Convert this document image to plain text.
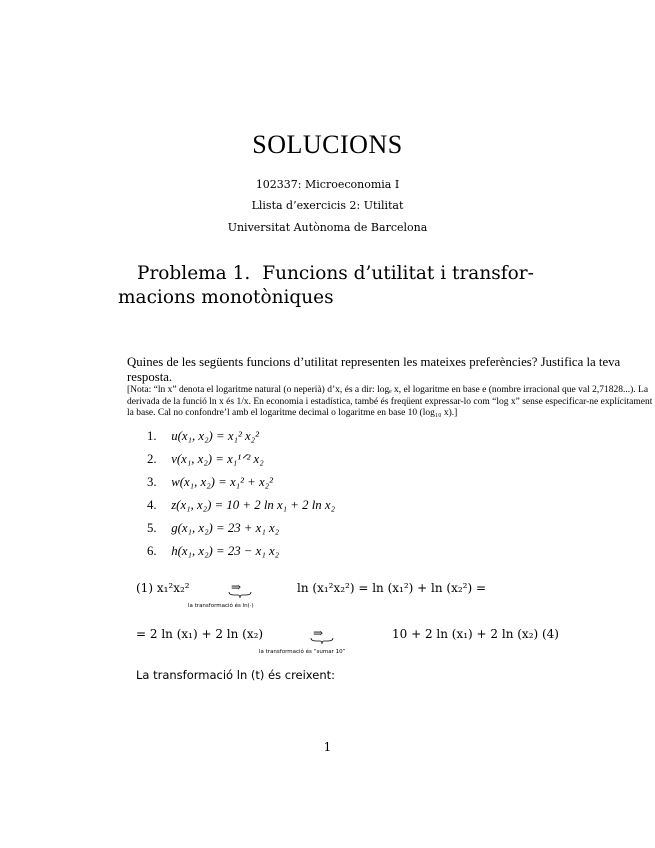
SOLUCIONS
102337: Microeconomia I
Llista d’exercicis 2: Utilitat
Universitat Autònoma de Barcelona
Problema 1. Funcions d’utilitat i transfor-
macions monotòniques
Quines de les següents funcions d’utilitat representen les mateixes preferències? Justifica la teva resposta.
[Nota: “ln x” denota el logaritme natural (o neperià) d’x, és a dir: logₑ x, el logaritme en base e (nombre irracional que val 2,71828...). La derivada de la funció ln x és 1/x. En economia i estadística, també és freqüent expressar-lo com “log x” sense especificar-ne explícitament la base. Cal no confondre’l amb el logaritme decimal o logaritme en base 10 (log₁₀ x).]
1. u(x₁, x₂) = x₁² x₂²
2. v(x₁, x₂) = x₁¹ᐟ² x₂
3. w(x₁, x₂) = x₁² + x₂²
4. z(x₁, x₂) = 10 + 2 ln x₁ + 2 ln x₂
5. g(x₁, x₂) = 23 + x₁ x₂
6. h(x₁, x₂) = 23 − x₁ x₂
(1) x₁²x₂²	⇒
la transformació és ln(·)
ln (x₁²x₂²) = ln (x₁²) + ln (x₂²) =
= 2 ln (x₁) + 2 ln (x₂)	⇒
la transformació és “sumar 10”
10 + 2 ln (x₁) + 2 ln (x₂) (4)
La transformació ln (t) és creixent:
1
